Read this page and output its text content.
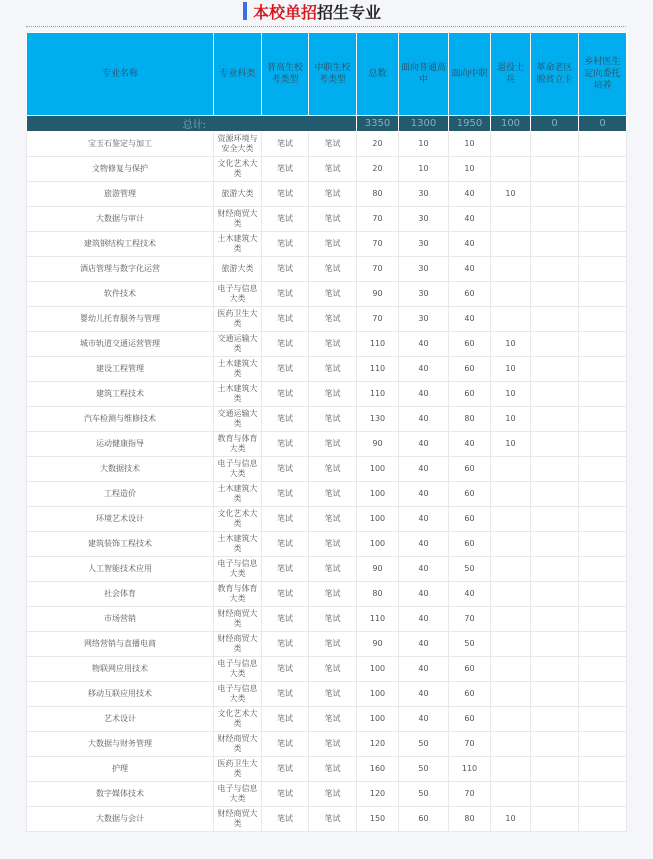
本校单招招生专业
专业名称	专业科类	普高生校考类型	中职生校考类型	总数	面向普通高中	面向中职	退役士兵	革命老区脱贫立卡	乡村医生定向委托培养
总计:				3350	1300	1950	100	0	0
宝玉石鉴定与加工	资源环境与安全大类	笔试	笔试	20	10	10			
文物修复与保护	文化艺术大类	笔试	笔试	20	10	10			
旅游管理	旅游大类	笔试	笔试	80	30	40	10		
大数据与审计	财经商贸大类	笔试	笔试	70	30	40			
建筑钢结构工程技术	土木建筑大类	笔试	笔试	70	30	40			
酒店管理与数字化运营	旅游大类	笔试	笔试	70	30	40			
软件技术	电子与信息大类	笔试	笔试	90	30	60			
婴幼儿托育服务与管理	医药卫生大类	笔试	笔试	70	30	40			
城市轨道交通运营管理	交通运输大类	笔试	笔试	110	40	60	10		
建设工程管理	土木建筑大类	笔试	笔试	110	40	60	10		
建筑工程技术	土木建筑大类	笔试	笔试	110	40	60	10		
汽车检测与维修技术	交通运输大类	笔试	笔试	130	40	80	10		
运动健康指导	教育与体育大类	笔试	笔试	90	40	40	10		
大数据技术	电子与信息大类	笔试	笔试	100	40	60			
工程造价	土木建筑大类	笔试	笔试	100	40	60			
环境艺术设计	文化艺术大类	笔试	笔试	100	40	60			
建筑装饰工程技术	土木建筑大类	笔试	笔试	100	40	60			
人工智能技术应用	电子与信息大类	笔试	笔试	90	40	50			
社会体育	教育与体育大类	笔试	笔试	80	40	40			
市场营销	财经商贸大类	笔试	笔试	110	40	70			
网络营销与直播电商	财经商贸大类	笔试	笔试	90	40	50			
物联网应用技术	电子与信息大类	笔试	笔试	100	40	60			
移动互联应用技术	电子与信息大类	笔试	笔试	100	40	60			
艺术设计	文化艺术大类	笔试	笔试	100	40	60			
大数据与财务管理	财经商贸大类	笔试	笔试	120	50	70			
护理	医药卫生大类	笔试	笔试	160	50	110			
数字媒体技术	电子与信息大类	笔试	笔试	120	50	70			
大数据与会计	财经商贸大类	笔试	笔试	150	60	80	10		
